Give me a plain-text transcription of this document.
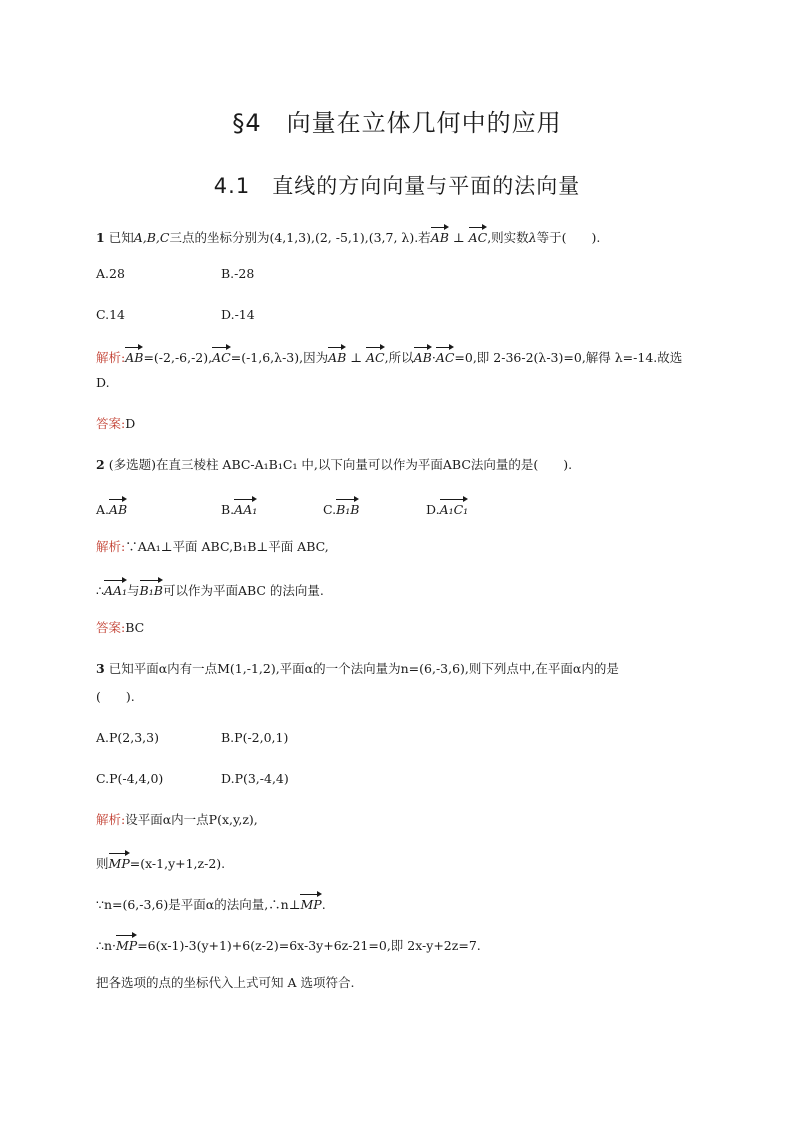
§4　向量在立体几何中的应用
4.1　直线的方向向量与平面的法向量
1 已知A,B,C三点的坐标分别为(4,1,3),(2, -5,1),(3,7, λ).若AB ⊥ AC,则实数λ等于(　　).
A.28	B.-28
C.14	D.-14
解析:AB=(-2,-6,-2),AC=(-1,6,λ-3),因为AB ⊥ AC,所以AB·AC=0,即 2-36-2(λ-3)=0,解得 λ=-14.故选
D.
答案:D
2 (多选题)在直三棱柱 ABC-A₁B₁C₁ 中,以下向量可以作为平面ABC法向量的是(　　).
A.AB	B.AA₁	C.B₁B	D.A₁C₁
解析:∵AA₁⊥平面 ABC,B₁B⊥平面 ABC,
∴AA₁与B₁B可以作为平面ABC 的法向量.
答案:BC
3 已知平面α内有一点M(1,-1,2),平面α的一个法向量为n=(6,-3,6),则下列点中,在平面α内的是
(　　).
A.P(2,3,3)	B.P(-2,0,1)
C.P(-4,4,0)	D.P(3,-4,4)
解析:设平面α内一点P(x,y,z),
则MP=(x-1,y+1,z-2).
∵n=(6,-3,6)是平面α的法向量,∴n⊥MP.
∴n·MP=6(x-1)-3(y+1)+6(z-2)=6x-3y+6z-21=0,即 2x-y+2z=7.
把各选项的点的坐标代入上式可知 A 选项符合.
